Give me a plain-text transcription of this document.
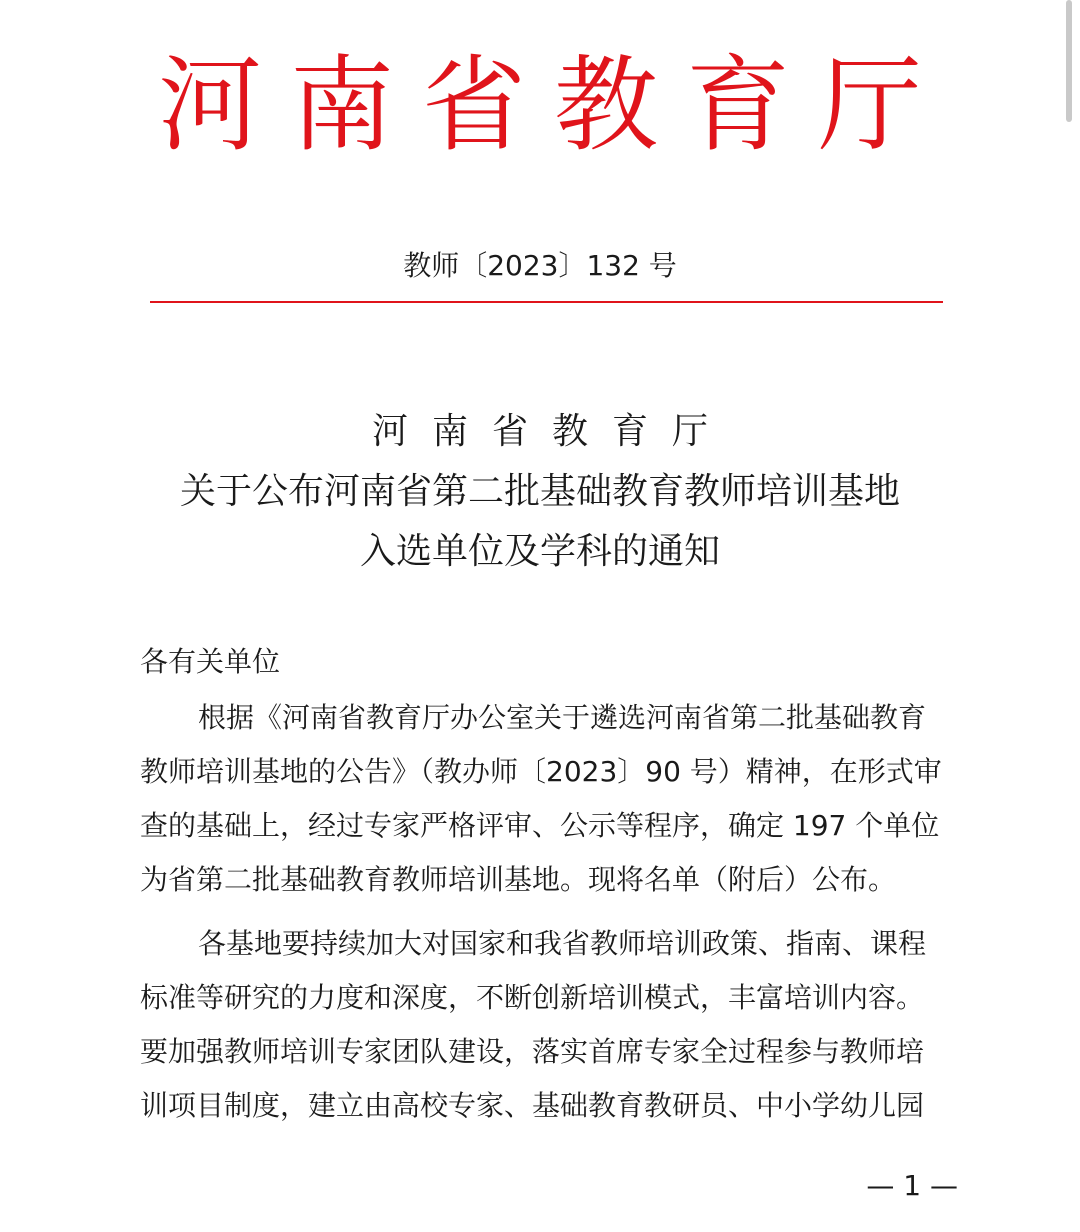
河南省教育厅
教师〔2023〕132 号
河南省教育厅
关于公布河南省第二批基础教育教师培训基地
入选单位及学科的通知
各有关单位
根据《河南省教育厅办公室关于遴选河南省第二批基础教育
教师培训基地的公告》（教办师〔2023〕90 号）精神，在形式审
查的基础上，经过专家严格评审、公示等程序，确定 197 个单位
为省第二批基础教育教师培训基地。现将名单（附后）公布。
各基地要持续加大对国家和我省教师培训政策、指南、课程
标准等研究的力度和深度，不断创新培训模式，丰富培训内容。
要加强教师培训专家团队建设，落实首席专家全过程参与教师培
训项目制度，建立由高校专家、基础教育教研员、中小学幼儿园
— 1 —
